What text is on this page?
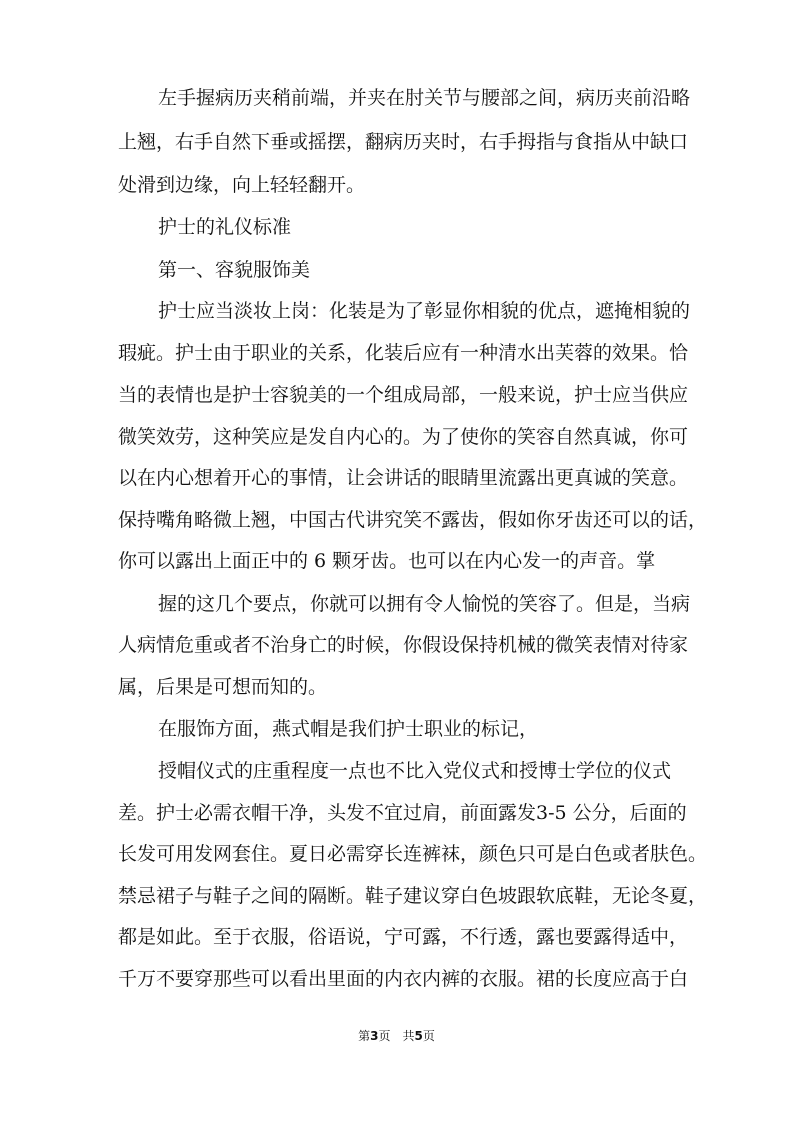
左手握病历夹稍前端，并夹在肘关节与腰部之间，病历夹前沿略
上翘，右手自然下垂或摇摆，翻病历夹时，右手拇指与食指从中缺口
处滑到边缘，向上轻轻翻开。
护士的礼仪标准
第一、容貌服饰美
护士应当淡妆上岗：化装是为了彰显你相貌的优点，遮掩相貌的
瑕疵。护士由于职业的关系，化装后应有一种清水出芙蓉的效果。恰
当的表情也是护士容貌美的一个组成局部，一般来说，护士应当供应
微笑效劳，这种笑应是发自内心的。为了使你的笑容自然真诚，你可
以在内心想着开心的事情，让会讲话的眼睛里流露出更真诚的笑意。
保持嘴角略微上翘，中国古代讲究笑不露齿，假如你牙齿还可以的话，
你可以露出上面正中的 6 颗牙齿。也可以在内心发一的声音。掌
握的这几个要点，你就可以拥有令人愉悦的笑容了。但是，当病
人病情危重或者不治身亡的时候，你假设保持机械的微笑表情对待家
属，后果是可想而知的。
在服饰方面，燕式帽是我们护士职业的标记，
授帽仪式的庄重程度一点也不比入党仪式和授博士学位的仪式
差。护士必需衣帽干净，头发不宜过肩，前面露发3-5 公分，后面的
长发可用发网套住。夏日必需穿长连裤袜，颜色只可是白色或者肤色。
禁忌裙子与鞋子之间的隔断。鞋子建议穿白色坡跟软底鞋，无论冬夏，
都是如此。至于衣服，俗语说，宁可露，不行透，露也要露得适中，
千万不要穿那些可以看出里面的内衣内裤的衣服。裙的长度应高于白
第3页　共5页
